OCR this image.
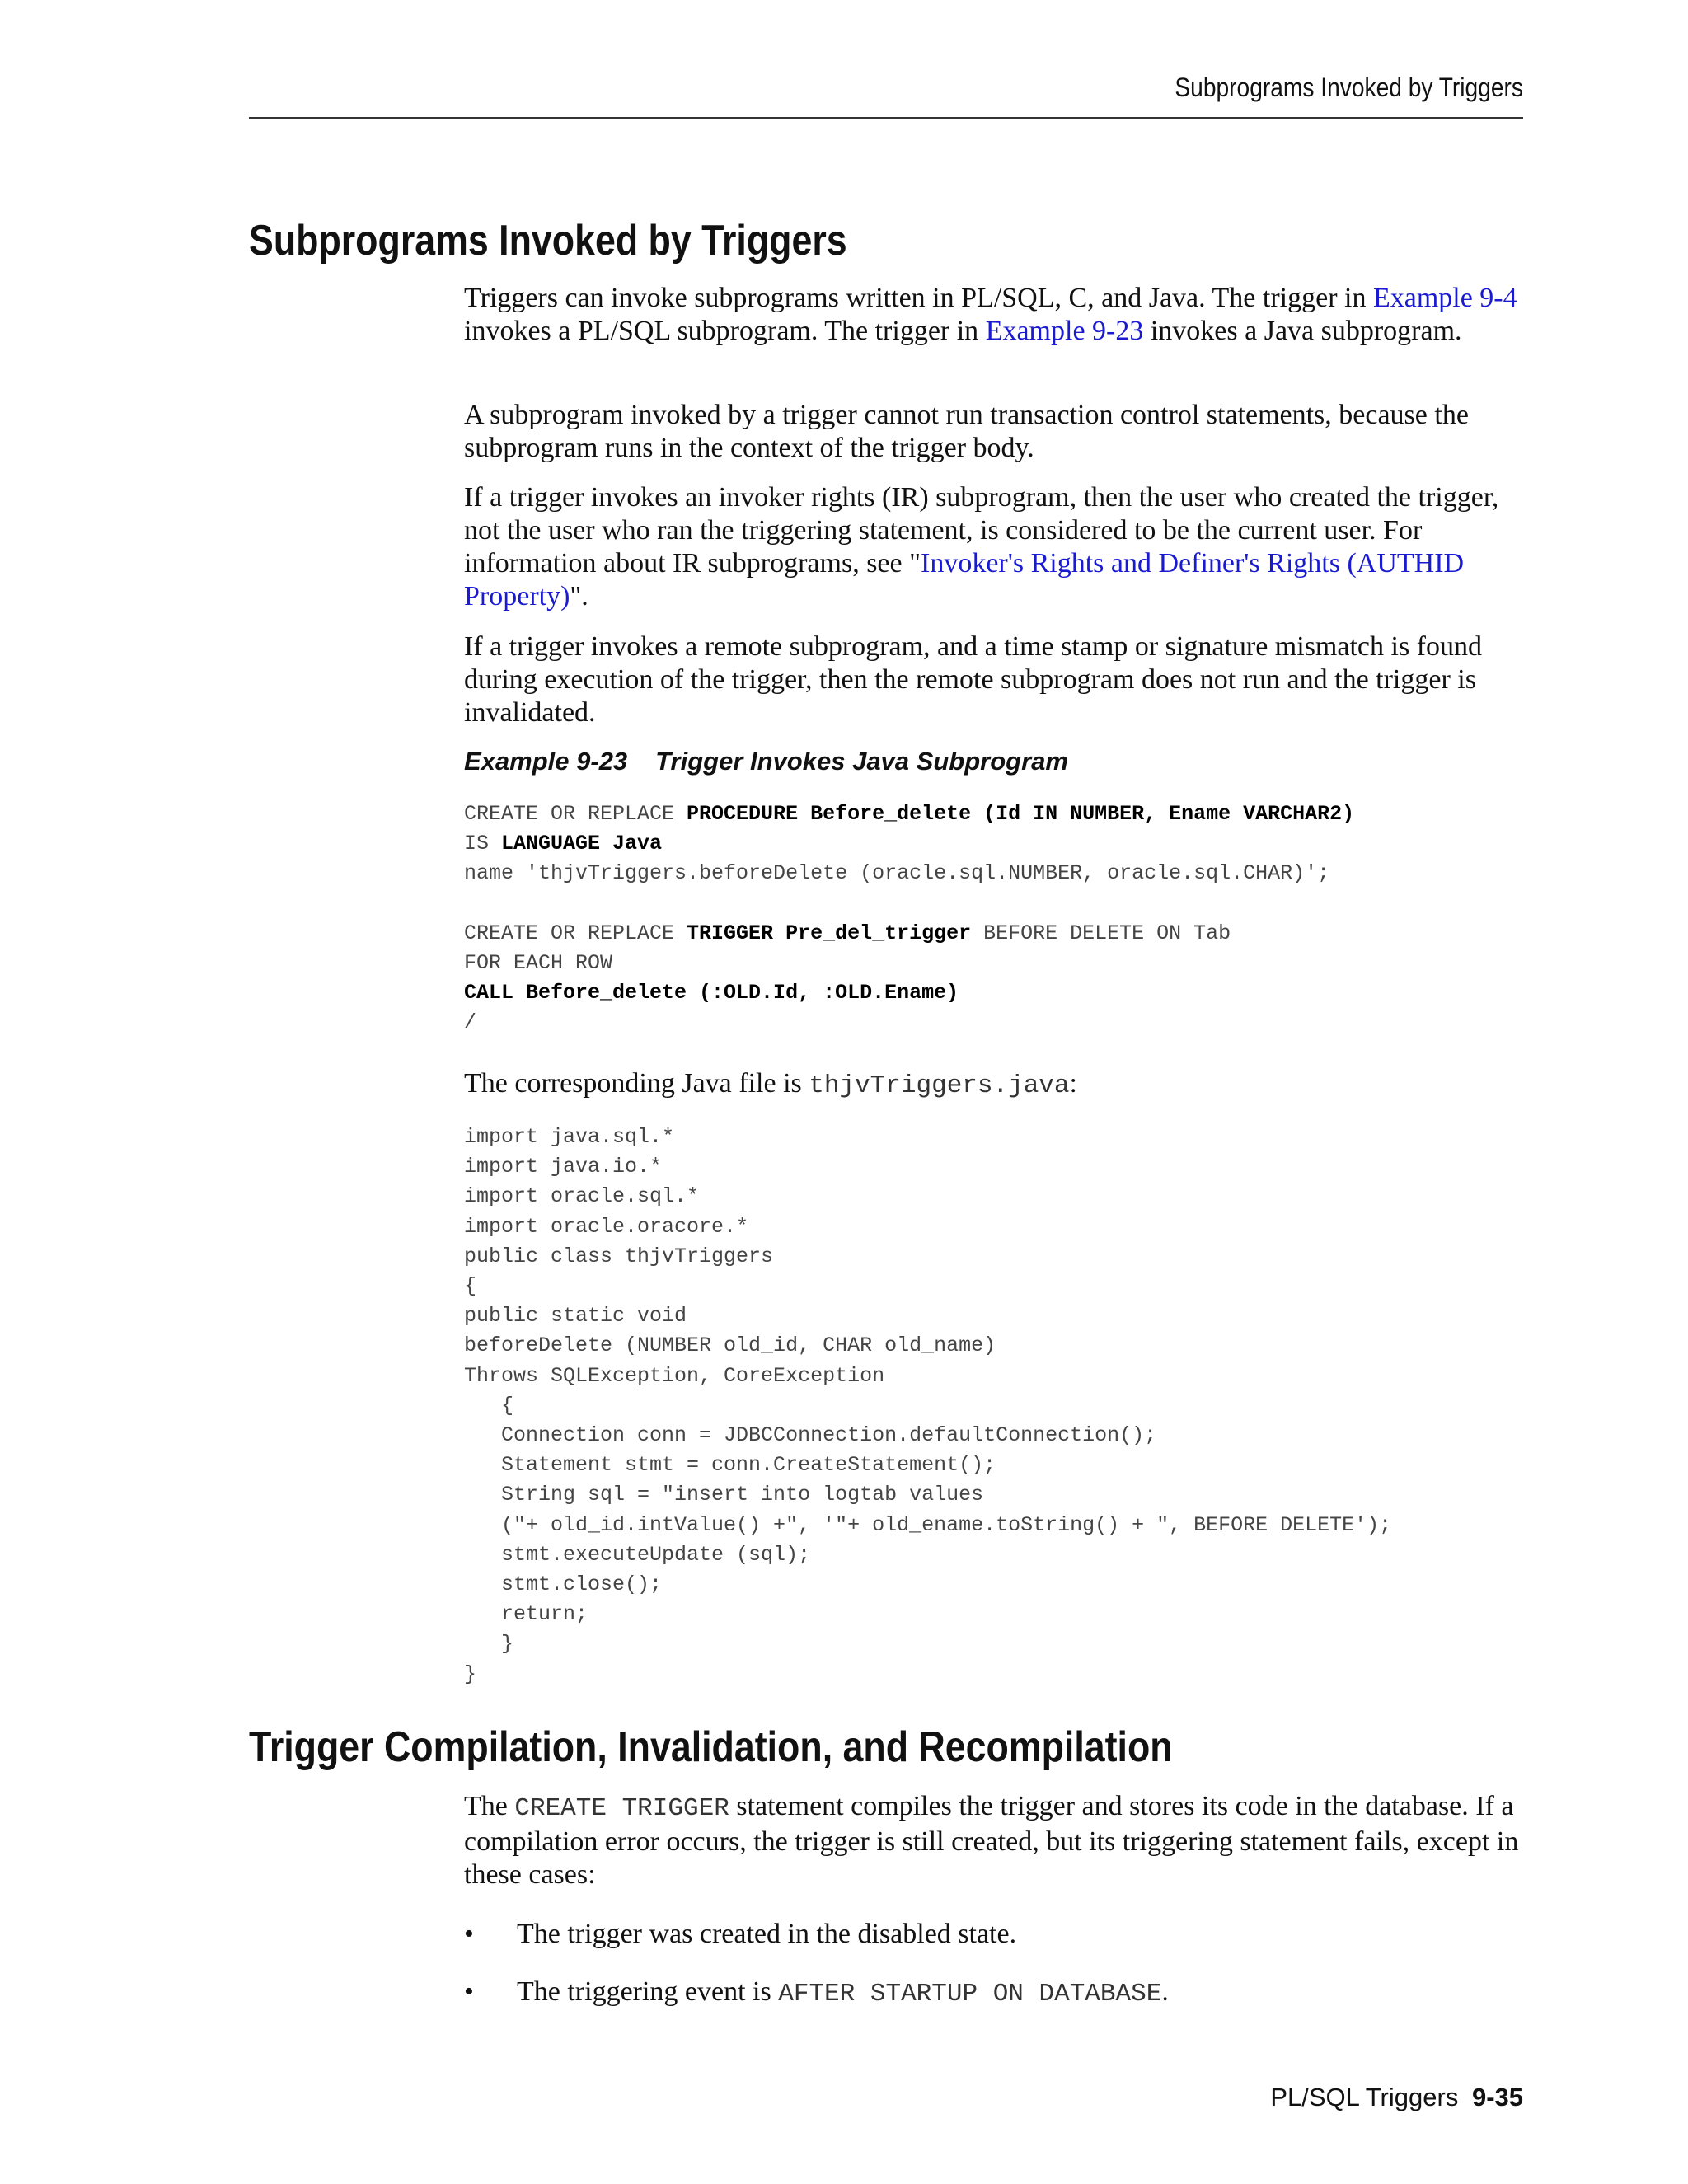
Subprograms Invoked by Triggers
Subprograms Invoked by Triggers

Triggers can invoke subprograms written in PL/SQL, C, and Java. The trigger in Example 9-4 invokes a PL/SQL subprogram. The trigger in Example 9-23 invokes a Java subprogram.

A subprogram invoked by a trigger cannot run transaction control statements, because the subprogram runs in the context of the trigger body.

If a trigger invokes an invoker rights (IR) subprogram, then the user who created the trigger, not the user who ran the triggering statement, is considered to be the current user. For information about IR subprograms, see "Invoker's Rights and Definer's Rights (AUTHID Property)".

If a trigger invokes a remote subprogram, and a time stamp or signature mismatch is found during execution of the trigger, then the remote subprogram does not run and the trigger is invalidated.

Example 9-23 Trigger Invokes Java Subprogram
CREATE OR REPLACE PROCEDURE Before_delete (Id IN NUMBER, Ename VARCHAR2)
IS LANGUAGE Java
name 'thjvTriggers.beforeDelete (oracle.sql.NUMBER, oracle.sql.CHAR)';

CREATE OR REPLACE TRIGGER Pre_del_trigger BEFORE DELETE ON Tab
FOR EACH ROW
CALL Before_delete (:OLD.Id, :OLD.Ename)
/

The corresponding Java file is thjvTriggers.java:

import java.sql.*
import java.io.*
import oracle.sql.*
import oracle.oracore.*
public class thjvTriggers
{
public static void
beforeDelete (NUMBER old_id, CHAR old_name)
Throws SQLException, CoreException
{
Connection conn = JDBCConnection.defaultConnection();
Statement stmt = conn.CreateStatement();
String sql = "insert into logtab values
("+ old_id.intValue() +", '"+ old_ename.toString() + ", BEFORE DELETE');
stmt.executeUpdate (sql);
stmt.close();
return;
}
}
Trigger Compilation, Invalidation, and Recompilation

The CREATE TRIGGER statement compiles the trigger and stores its code in the database. If a compilation error occurs, the trigger is still created, but its triggering statement fails, except in these cases:

• The trigger was created in the disabled state.
• The triggering event is AFTER STARTUP ON DATABASE.
PL/SQL Triggers 9-35
